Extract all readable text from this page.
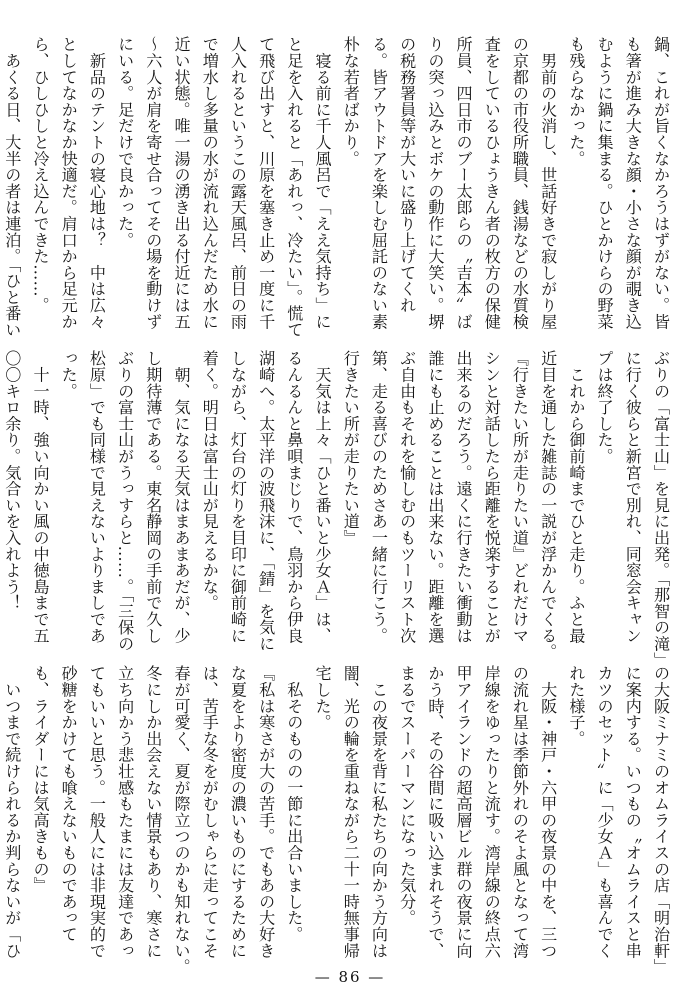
鍋、これが旨くなかろうはずがない。皆
も箸が進み大きな顔・小さな顔が覗き込
むように鍋に集まる。ひとかけらの野菜
も残らなかった。
　男前の火消し、世話好きで寂しがり屋
の京都の市役所職員、銭湯などの水質検
査をしているひょうきん者の枚方の保健
所員、四日市のブー太郎らの〝吉本〟ば
りの突っ込みとボケの動作に大笑い。堺
の税務署員等が大いに盛り上げてくれ
る。皆アウトドアを楽しむ屈託のない素
朴な若者ばかり。
　寝る前に千人風呂で「ええ気持ち」に
と足を入れると「あれっ、冷たい」。慌て
て飛び出すと、川原を塞き止め一度に千
人入れるというこの露天風呂、前日の雨
で増水し多量の水が流れ込んだため水に
近い状態。唯一湯の湧き出る付近には五
～六人が肩を寄せ合ってその場を動けず
にいる。足だけで良かった。
　新品のテントの寝心地は？　中は広々
としてなかなか快適だ。肩口から足元か
ら、ひしひしと冷え込んできた……。
　あくる日、大半の者は連泊。「ひと番い
ぶりの「富士山」を見に出発。「那智の滝」
に行く彼らと新宮で別れ、同窓会キャン
プは終了した。
　これから御前崎までひと走り。ふと最
近目を通した雑誌の一説が浮かんでくる。
『行きたい所が走りたい道』どれだけマ
シンと対話したら距離を悦楽することが
出来るのだろう。遠くに行きたい衝動は
誰にも止めることは出来ない。距離を選
ぶ自由もそれを愉しむのもツーリスト次
第、走る喜びのためさあ一緒に行こう。
行きたい所が走りたい道』
　天気は上々「ひと番いと少女Ａ」は、
るんるんと鼻唄まじりで、鳥羽から伊良
湖崎へ。太平洋の波飛沫に、「錆」を気に
しながら、灯台の灯りを目印に御前崎に
着く。明日は富士山が見えるかな。
　朝、気になる天気はまあまあだが、少
し期待薄である。東名静岡の手前で久し
ぶりの富士山がうっすらと……。「三保の
松原」でも同様で見えないよりましであ
った。
　十一時、強い向かい風の中徳島まで五
〇〇キロ余り。気合いを入れよう！
の大阪ミナミのオムライスの店「明治軒」
に案内する。いつもの〝オムライスと串
カツのセット〟に「少女Ａ」も喜んでく
れた様子。
　大阪・神戸・六甲の夜景の中を、三つ
の流れ星は季節外れのそよ風となって湾
岸線をゆったりと流す。湾岸線の終点六
甲アイランドの超高層ビル群の夜景に向
かう時、その谷間に吸い込まれそうで、
まるでスーパーマンになった気分。
　この夜景を背に私たちの向かう方向は
闇、光の輪を重ねながら二十一時無事帰
宅した。
　私そのものの一節に出合いました。
『私は寒さが大の苦手。でもあの大好き
な夏をより密度の濃いものにするために
は、苦手な冬をがむしゃらに走ってこそ
春が可愛く、夏が際立つのかも知れない。
冬にしか出会えない情景もあり、寒さに
立ち向かう悲壮感もたまには友達であっ
てもいいと思う。一般人には非現実的で
砂糖をかけても喰えないものであって
も、ライダーには気高きもの』
　いつまで続けられるか判らないが「ひ
— 86 —
